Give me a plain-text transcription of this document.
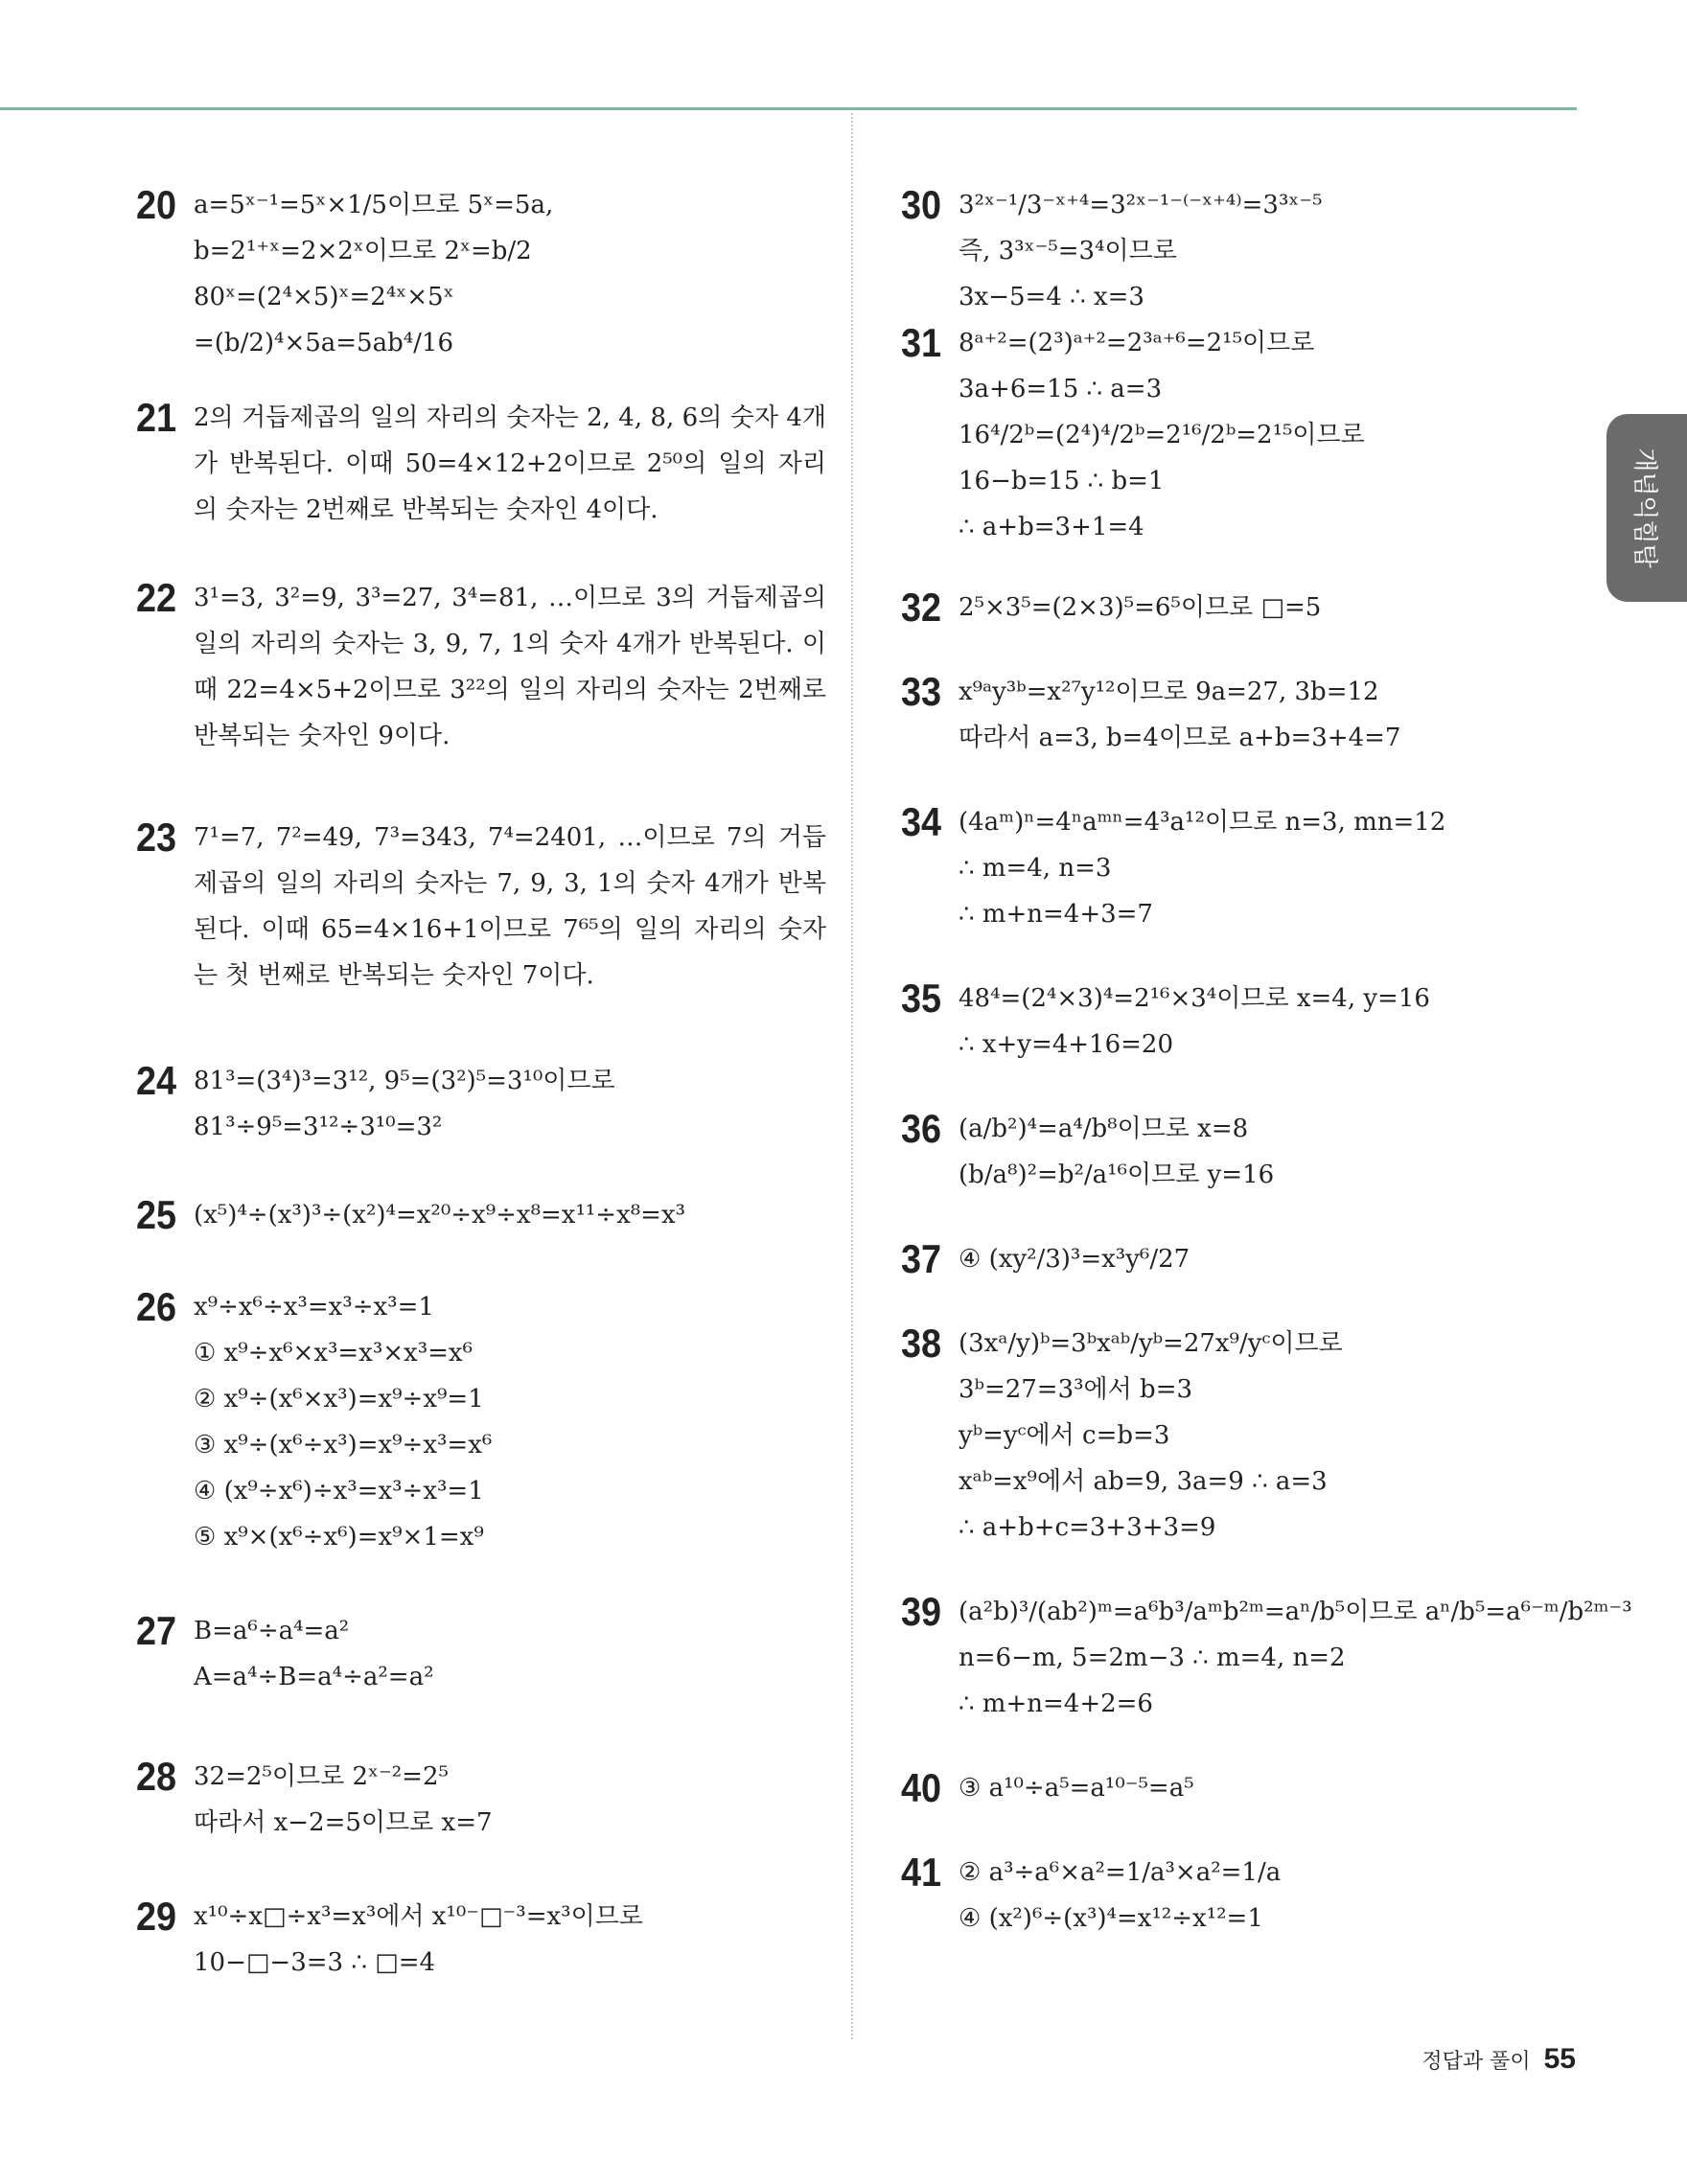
개념익힘탑
20 a=5ˣ⁻¹=5ˣ×1/5이므로 5ˣ=5a,
b=2¹⁺ˣ=2×2ˣ이므로 2ˣ=b/2
80ˣ=(2⁴×5)ˣ=2⁴ˣ×5ˣ
=(b/2)⁴×5a=5ab⁴/16
21 2의 거듭제곱의 일의 자리의 숫자는 2, 4, 8, 6의 숫자 4개가 반복된다. 이때 50=4×12+2이므로 2⁵⁰의 일의 자리의 숫자는 2번째로 반복되는 숫자인 4이다.
22 3¹=3, 3²=9, 3³=27, 3⁴=81, …이므로 3의 거듭제곱의 일의 자리의 숫자는 3, 9, 7, 1의 숫자 4개가 반복된다. 이때 22=4×5+2이므로 3²²의 일의 자리의 숫자는 2번째로 반복되는 숫자인 9이다.
23 7¹=7, 7²=49, 7³=343, 7⁴=2401, …이므로 7의 거듭제곱의 일의 자리의 숫자는 7, 9, 3, 1의 숫자 4개가 반복된다. 이때 65=4×16+1이므로 7⁶⁵의 일의 자리의 숫자는 첫 번째로 반복되는 숫자인 7이다.
24 81³=(3⁴)³=3¹², 9⁵=(3²)⁵=3¹⁰이므로
81³÷9⁵=3¹²÷3¹⁰=3²
25 (x⁵)⁴÷(x³)³÷(x²)⁴=x²⁰÷x⁹÷x⁸=x¹¹÷x⁸=x³
26 x⁹÷x⁶÷x³=x³÷x³=1
① x⁹÷x⁶×x³=x³×x³=x⁶
② x⁹÷(x⁶×x³)=x⁹÷x⁹=1
③ x⁹÷(x⁶÷x³)=x⁹÷x³=x⁶
④ (x⁹÷x⁶)÷x³=x³÷x³=1
⑤ x⁹×(x⁶÷x⁶)=x⁹×1=x⁹
27 B=a⁶÷a⁴=a²
A=a⁴÷B=a⁴÷a²=a²
28 32=2⁵이므로 2ˣ⁻²=2⁵
따라서 x−2=5이므로 x=7
29 x¹⁰÷x□÷x³=x³에서 x¹⁰⁻□⁻³=x³이므로
10−□−3=3 ∴ □=4
30 3²ˣ⁻¹/3⁻ˣ⁺⁴=3²ˣ⁻¹⁻⁽⁻ˣ⁺⁴⁾=3³ˣ⁻⁵
즉, 3³ˣ⁻⁵=3⁴이므로
3x−5=4 ∴ x=3
31 8ᵃ⁺²=(2³)ᵃ⁺²=2³ᵃ⁺⁶=2¹⁵이므로
3a+6=15 ∴ a=3
16⁴/2ᵇ=(2⁴)⁴/2ᵇ=2¹⁶/2ᵇ=2¹⁵이므로
16−b=15 ∴ b=1
∴ a+b=3+1=4
32 2⁵×3⁵=(2×3)⁵=6⁵이므로 □=5
33 x⁹ᵃy³ᵇ=x²⁷y¹²이므로 9a=27, 3b=12
따라서 a=3, b=4이므로 a+b=3+4=7
34 (4aᵐ)ⁿ=4ⁿaᵐⁿ=4³a¹²이므로 n=3, mn=12
∴ m=4, n=3
∴ m+n=4+3=7
35 48⁴=(2⁴×3)⁴=2¹⁶×3⁴이므로 x=4, y=16
∴ x+y=4+16=20
36 (a/b²)⁴=a⁴/b⁸이므로 x=8
(b/a⁸)²=b²/a¹⁶이므로 y=16
37 ④ (xy²/3)³=x³y⁶/27
38 (3xᵃ/y)ᵇ=3ᵇxᵃᵇ/yᵇ=27x⁹/yᶜ이므로
3ᵇ=27=3³에서 b=3
yᵇ=yᶜ에서 c=b=3
xᵃᵇ=x⁹에서 ab=9, 3a=9 ∴ a=3
∴ a+b+c=3+3+3=9
39 (a²b)³/(ab²)ᵐ=a⁶b³/aᵐb²ᵐ=aⁿ/b⁵이므로 aⁿ/b⁵=a⁶⁻ᵐ/b²ᵐ⁻³
n=6−m, 5=2m−3 ∴ m=4, n=2
∴ m+n=4+2=6
40 ③ a¹⁰÷a⁵=a¹⁰⁻⁵=a⁵
41 ② a³÷a⁶×a²=1/a³×a²=1/a
④ (x²)⁶÷(x³)⁴=x¹²÷x¹²=1
정답과 풀이 55
